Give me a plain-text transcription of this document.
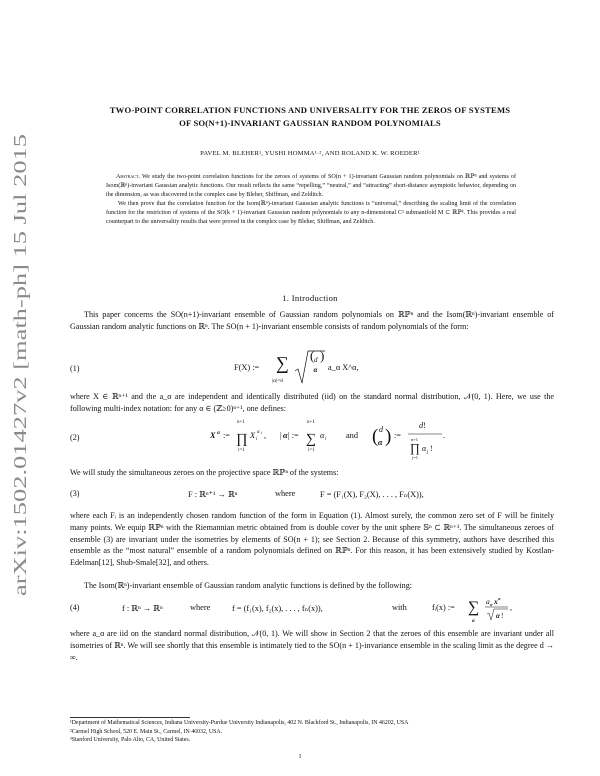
arXiv:1502.01427v2 [math-ph] 15 Jul 2015
TWO-POINT CORRELATION FUNCTIONS AND UNIVERSALITY FOR THE ZEROS OF SYSTEMS
OF SO(N+1)-INVARIANT GAUSSIAN RANDOM POLYNOMIALS
PAVEL M. BLEHER¹, YUSHI HOMMA¹·², AND ROLAND K. W. ROEDER¹
Abstract. We study the two-point correlation functions for the zeroes of systems of SO(n + 1)-invariant Gaussian random polynomials on ℝℙⁿ and systems of Isom(ℝⁿ)-invariant Gaussian analytic functions. Our result reflects the same “repelling,” “neutral,” and “attracting” short-distance asymptotic behavior, depending on the dimension, as was discovered in the complex case by Bleher, Shiffman, and Zelditch.
We then prove that the correlation function for the Isom(ℝⁿ)-invariant Gaussian analytic functions is “universal,” describing the scaling limit of the correlation function for the restriction of systems of the SO(k + 1)-invariant Gaussian random polynomials to any n-dimensional C² submanifold M ⊂ ℝℙᵏ. This provides a real counterpart to the universality results that were proved in the complex case by Bleher, Shiffman, and Zelditch.
1. Introduction
This paper concerns the SO(n+1)-invariant ensemble of Gaussian random polynomials on ℝℙⁿ and the Isom(ℝⁿ)-invariant ensemble of Gaussian random analytic functions on ℝⁿ. The SO(n + 1)-invariant ensemble consists of random polynomials of the form:
(1)	F(X) := ∑
|α|=d
( d
α
)
a_α X^α,
where X ∈ ℝⁿ⁺¹ and the a_α are independent and identically distributed (iid) on the standard normal distribution, 𝒩(0, 1). Here, we use the following multi-index notation: for any α ∈ (ℤ≥0)ⁿ⁺¹, one defines:
(2)	X α :=
n+1
∏
i=1
X i
α i , | α | :=
n+1
∑
i=1
α i and ( d
α ) :=
d !
n+1
∏
j=1
α j !
.
We will study the simultaneous zeroes on the projective space ℝℙⁿ of the systems:
(3)	F : ℝⁿ⁺¹ → ℝⁿ	where	F = (F₁(X), F₂(X), . . . , Fₙ(X)),
where each Fᵢ is an independently chosen random function of the form in Equation (1). Almost surely, the common zero set of F will be finitely many points. We equip ℝℙⁿ with the Riemannian metric obtained from is double cover by the unit sphere 𝕊ⁿ ⊂ ℝⁿ⁺¹. The simultaneous zeroes of ensemble (3) are invariant under the isometries by elements of SO(n + 1); see Section 2. Because of this symmetry, authors have described this ensemble as the “most natural” ensemble of a random polynomials defined on ℝℙⁿ. For this reason, it has been extensively studied by Kostlan-Edelman[12], Shub-Smale[32], and others.
The Isom(ℝⁿ)-invariant ensemble of Gaussian random analytic functions is defined by the following:
(4)	f : ℝⁿ → ℝⁿ	where	f = (f₁(x), f₂(x), . . . , fₙ(x)),	with	fᵢ(x) := ∑
α
a α x α
α !
,
where a_α are iid on the standard normal distribution, 𝒩(0, 1). We will show in Section 2 that the zeroes of this ensemble are invariant under all isometries of ℝⁿ. We will see shortly that this ensemble is intimately tied to the SO(n + 1)-invariance ensemble in the scaling limit as the degree d → ∞.
¹Department of Mathematical Sciences, Indiana University-Purdue University Indianapolis, 402 N. Blackford St., Indianapolis, IN 46202, USA
²Carmel High School, 520 E. Main St., Carmel, IN 46032, USA.
³Stanford University, Palo Alto, CA, United States.
1
